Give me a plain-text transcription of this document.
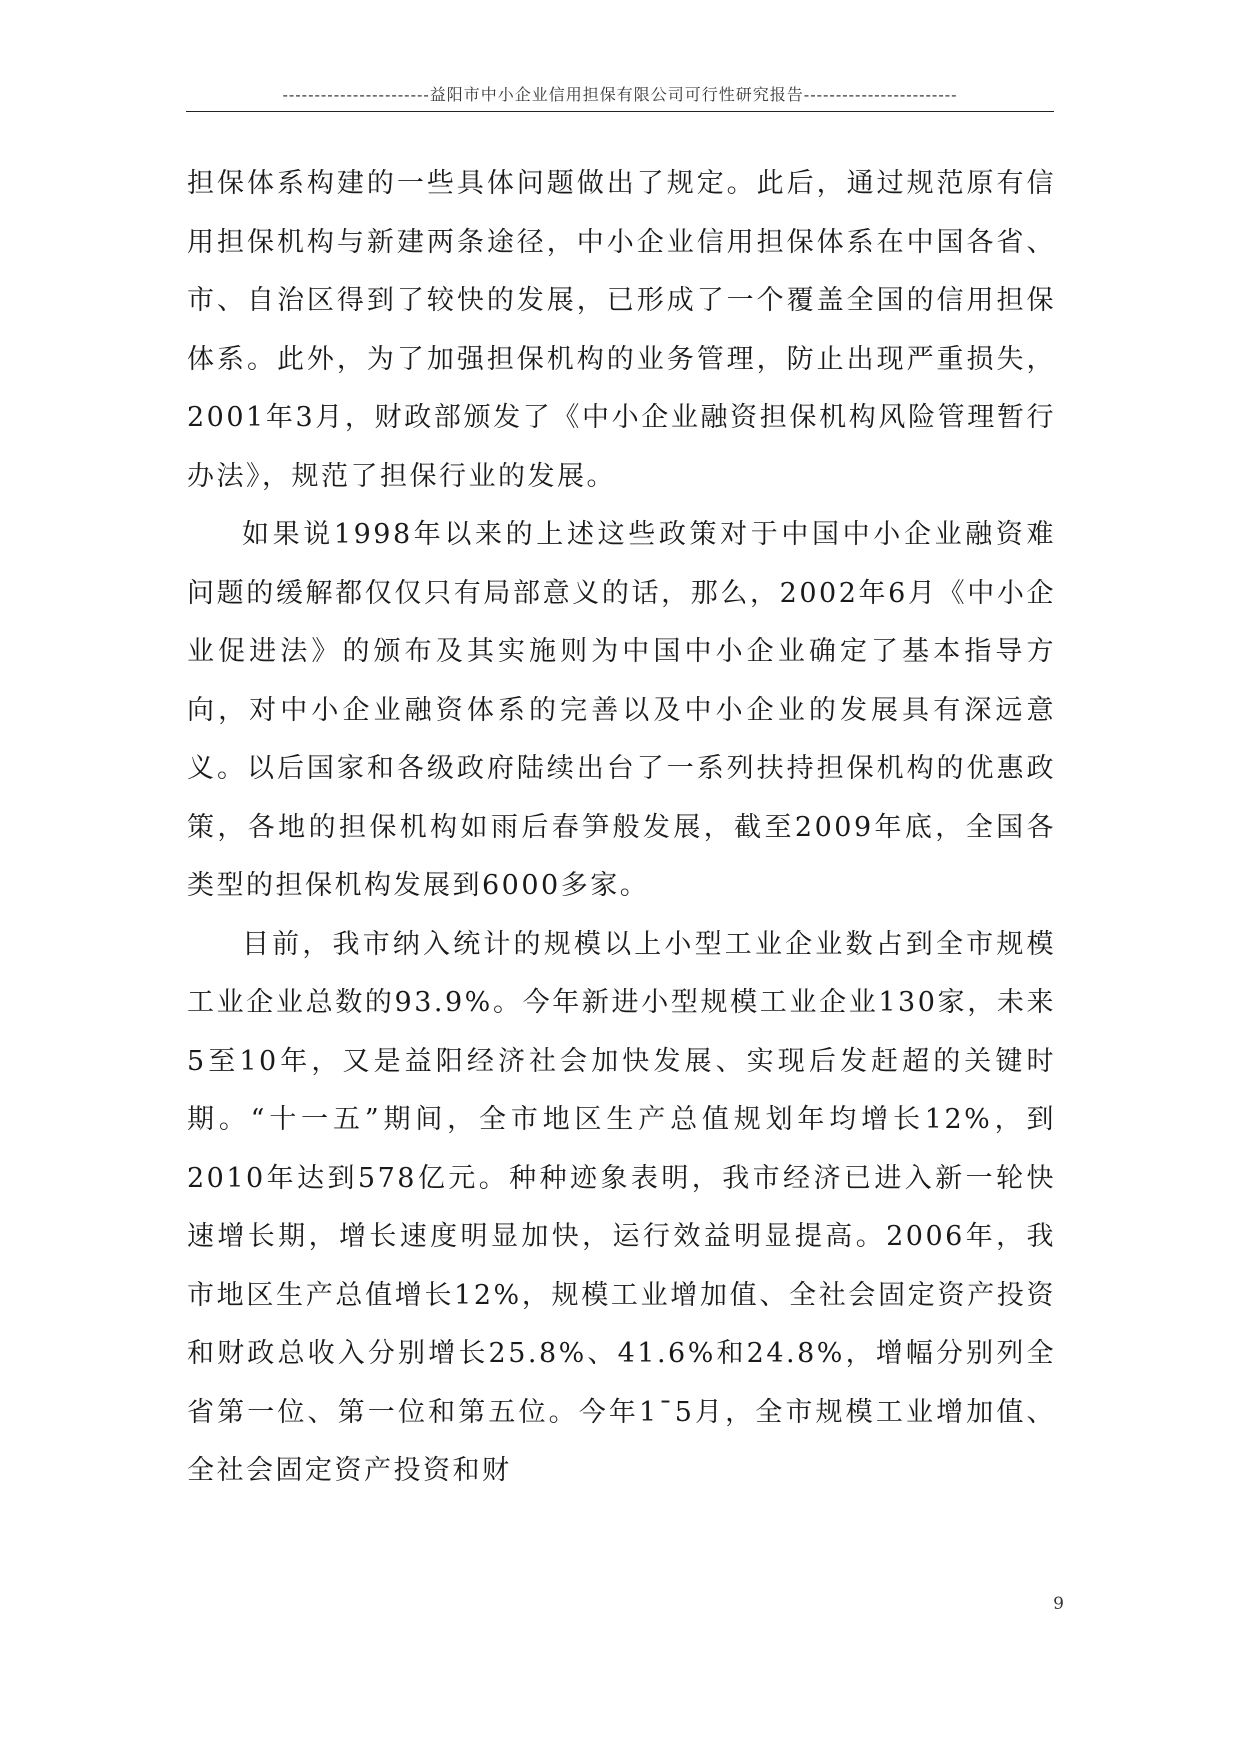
-----------------------益阳市中小企业信用担保有限公司可行性研究报告------------------------

担保体系构建的一些具体问题做出了规定。此后，通过规范原有信用担保机构与新建两条途径，中小企业信用担保体系在中国各省、市、自治区得到了较快的发展，已形成了一个覆盖全国的信用担保体系。此外，为了加强担保机构的业务管理，防止出现严重损失，2001年3月，财政部颁发了《中小企业融资担保机构风险管理暂行办法》，规范了担保行业的发展。

如果说1998年以来的上述这些政策对于中国中小企业融资难问题的缓解都仅仅只有局部意义的话，那么，2002年6月《中小企业促进法》的颁布及其实施则为中国中小企业确定了基本指导方向，对中小企业融资体系的完善以及中小企业的发展具有深远意义。以后国家和各级政府陆续出台了一系列扶持担保机构的优惠政策，各地的担保机构如雨后春笋般发展，截至2009年底，全国各类型的担保机构发展到6000多家。

目前，我市纳入统计的规模以上小型工业企业数占到全市规模工业企业总数的93.9%。今年新进小型规模工业企业130家，未来5至10年，又是益阳经济社会加快发展、实现后发赶超的关键时期。“十一五”期间，全市地区生产总值规划年均增长12%，到2010年达到578亿元。种种迹象表明，我市经济已进入新一轮快速增长期，增长速度明显加快，运行效益明显提高。2006年，我市地区生产总值增长12%，规模工业增加值、全社会固定资产投资和财政总收入分别增长25.8%、41.6%和24.8%，增幅分别列全省第一位、第一位和第五位。今年1¯5月，全市规模工业增加值、全社会固定资产投资和财

9
